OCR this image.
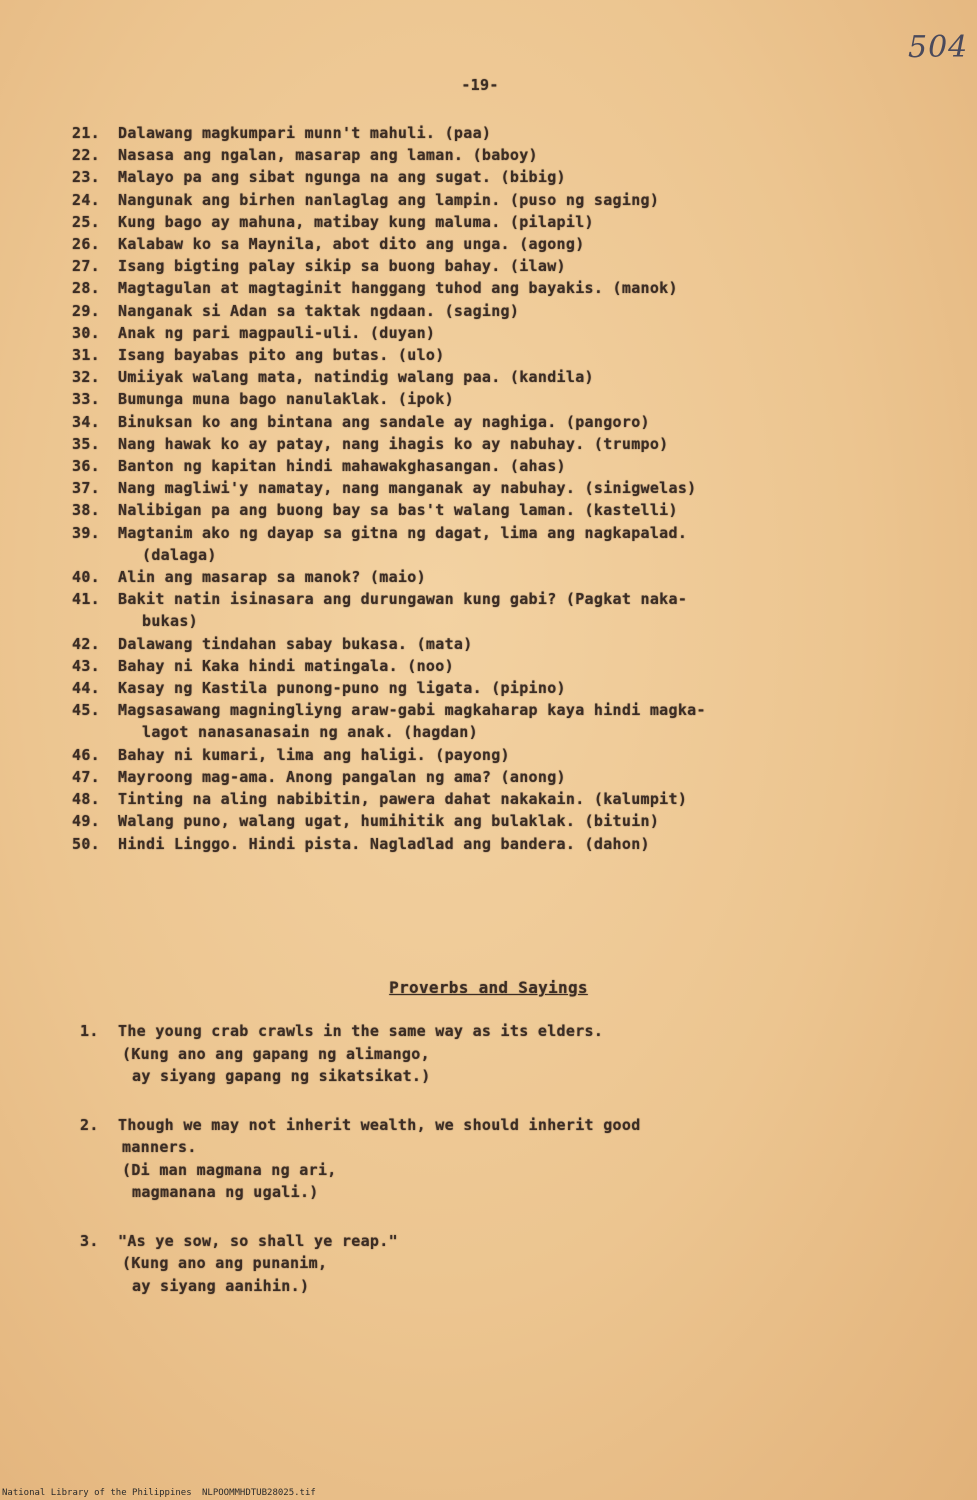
504
-19-
21.	Dalawang magkumpari munn't mahuli. (paa)
22.	Nasasa ang ngalan, masarap ang laman. (baboy)
23.	Malayo pa ang sibat ngunga na ang sugat. (bibig)
24.	Nangunak ang birhen nanlaglag ang lampin. (puso ng saging)
25.	Kung bago ay mahuna, matibay kung maluma. (pilapil)
26.	Kalabaw ko sa Maynila, abot dito ang unga. (agong)
27.	Isang bigting palay sikip sa buong bahay. (ilaw)
28.	Magtagulan at magtaginit hanggang tuhod ang bayakis. (manok)
29.	Nanganak si Adan sa taktak ngdaan. (saging)
30.	Anak ng pari magpauli-uli. (duyan)
31.	Isang bayabas pito ang butas. (ulo)
32.	Umiiyak walang mata, natindig walang paa. (kandila)
33.	Bumunga muna bago nanulaklak. (ipok)
34.	Binuksan ko ang bintana ang sandale ay naghiga. (pangoro)
35.	Nang hawak ko ay patay, nang ihagis ko ay nabuhay. (trumpo)
36.	Banton ng kapitan hindi mahawakghasangan. (ahas)
37.	Nang magliwi'y namatay, nang manganak ay nabuhay. (sinigwelas)
38.	Nalibigan pa ang buong bay sa bas't walang laman. (kastelli)
39.	Magtanim ako ng dayap sa gitna ng dagat, lima ang nagkapalad.
(dalaga)
40.	Alin ang masarap sa manok? (maio)
41.	Bakit natin isinasara ang durungawan kung gabi? (Pagkat naka-
bukas)
42.	Dalawang tindahan sabay bukasa. (mata)
43.	Bahay ni Kaka hindi matingala. (noo)
44.	Kasay ng Kastila punong-puno ng ligata. (pipino)
45.	Magsasawang magningliyng araw-gabi magkaharap kaya hindi magka-
lagot nanasanasain ng anak. (hagdan)
46.	Bahay ni kumari, lima ang haligi. (payong)
47.	Mayroong mag-ama. Anong pangalan ng ama? (anong)
48.	Tinting na aling nabibitin, pawera dahat nakakain. (kalumpit)
49.	Walang puno, walang ugat, humihitik ang bulaklak. (bituin)
50.	Hindi Linggo. Hindi pista. Nagladlad ang bandera. (dahon)
Proverbs and Sayings
1.	The young crab crawls in the same way as its elders.
(Kung ano ang gapang ng alimango,
ay siyang gapang ng sikatsikat.)
2.	Though we may not inherit wealth, we should inherit good
manners.
(Di man magmana ng ari,
magmanana ng ugali.)
3.	"As ye sow, so shall ye reap."
(Kung ano ang punanim,
ay siyang aanihin.)
National Library of the Philippines NLPOOMMHDTUB28025.tif
